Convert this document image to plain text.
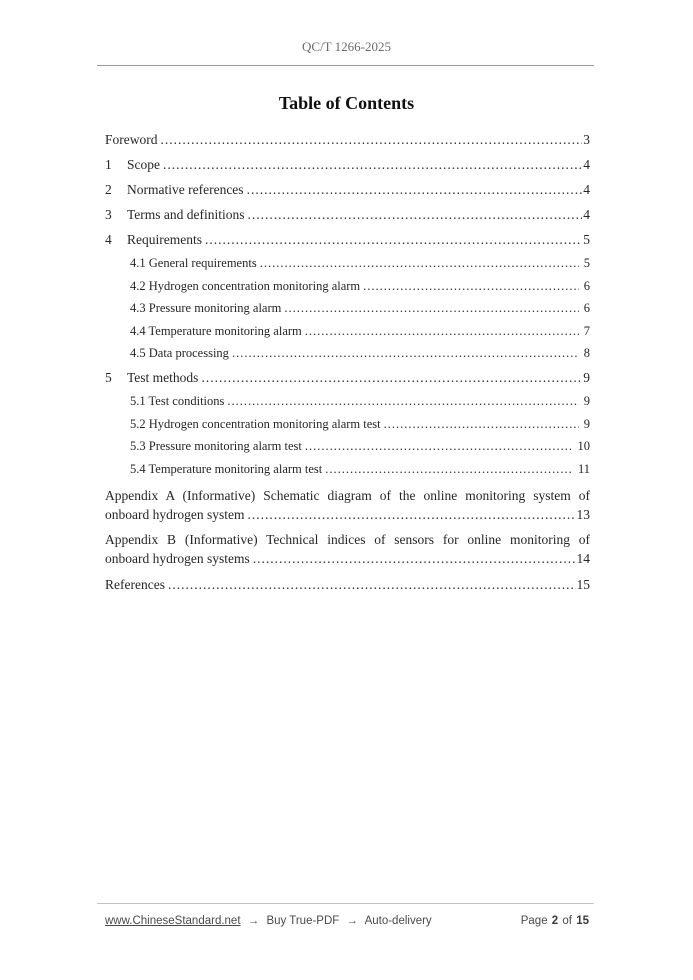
QC/T 1266-2025
Table of Contents
Foreword .....	3
1	Scope .....	4
2	Normative references .....	4
3	Terms and definitions .....	4
4	Requirements .....	5
4.1 General requirements .....	5
4.2 Hydrogen concentration monitoring alarm .....	6
4.3 Pressure monitoring alarm .....	6
4.4 Temperature monitoring alarm .....	7
4.5 Data processing .....	8
5	Test methods .....	9
5.1 Test conditions .....	9
5.2 Hydrogen concentration monitoring alarm test .....	9
5.3 Pressure monitoring alarm test .....	10
5.4 Temperature monitoring alarm test .....	11
Appendix A (Informative) Schematic diagram of the online monitoring system of
onboard hydrogen system .....	13
Appendix B (Informative) Technical indices of sensors for online monitoring of
onboard hydrogen systems .....	14
References .....	15
www.ChineseStandard.net → Buy True-PDF → Auto-delivery	Page 2 of 15
